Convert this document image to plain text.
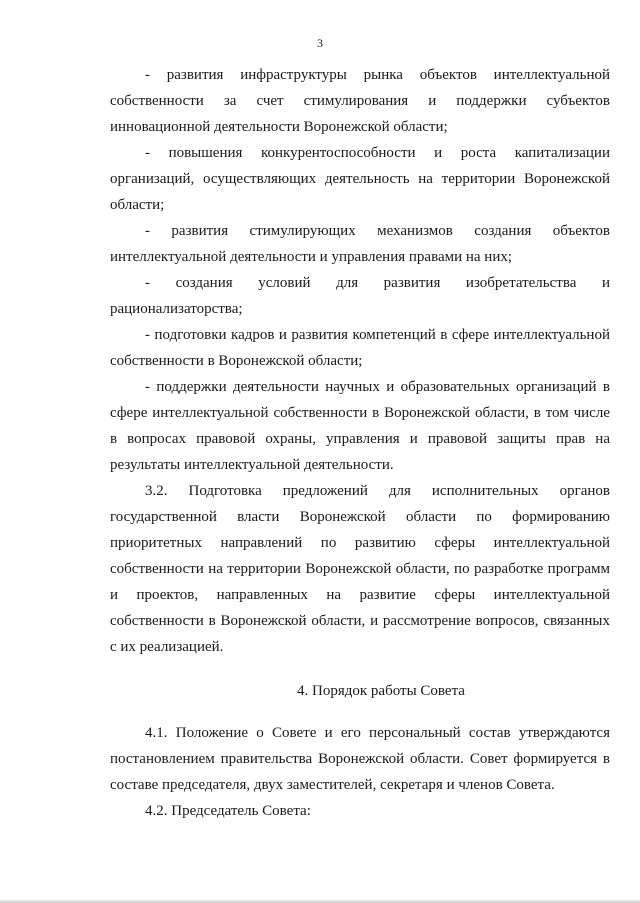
3

- развития инфраструктуры рынка объектов интеллектуальной собственности за счет стимулирования и поддержки субъектов инновационной деятельности Воронежской области;

- повышения конкурентоспособности и роста капитализации организаций, осуществляющих деятельность на территории Воронежской области;

- развития стимулирующих механизмов создания объектов интеллектуальной деятельности и управления правами на них;

- создания условий для развития изобретательства и рационализаторства;

- подготовки кадров и развития компетенций в сфере интеллектуальной собственности в Воронежской области;

- поддержки деятельности научных и образовательных организаций в сфере интеллектуальной собственности в Воронежской области, в том числе в вопросах правовой охраны, управления и правовой защиты прав на результаты интеллектуальной деятельности.

3.2. Подготовка предложений для исполнительных органов государственной власти Воронежской области по формированию приоритетных направлений по развитию сферы интеллектуальной собственности на территории Воронежской области, по разработке программ и проектов, направленных на развитие сферы интеллектуальной собственности в Воронежской области, и рассмотрение вопросов, связанных с их реализацией.

4. Порядок работы Совета

4.1. Положение о Совете и его персональный состав утверждаются постановлением правительства Воронежской области. Совет формируется в составе председателя, двух заместителей, секретаря и членов Совета.

4.2. Председатель Совета:
